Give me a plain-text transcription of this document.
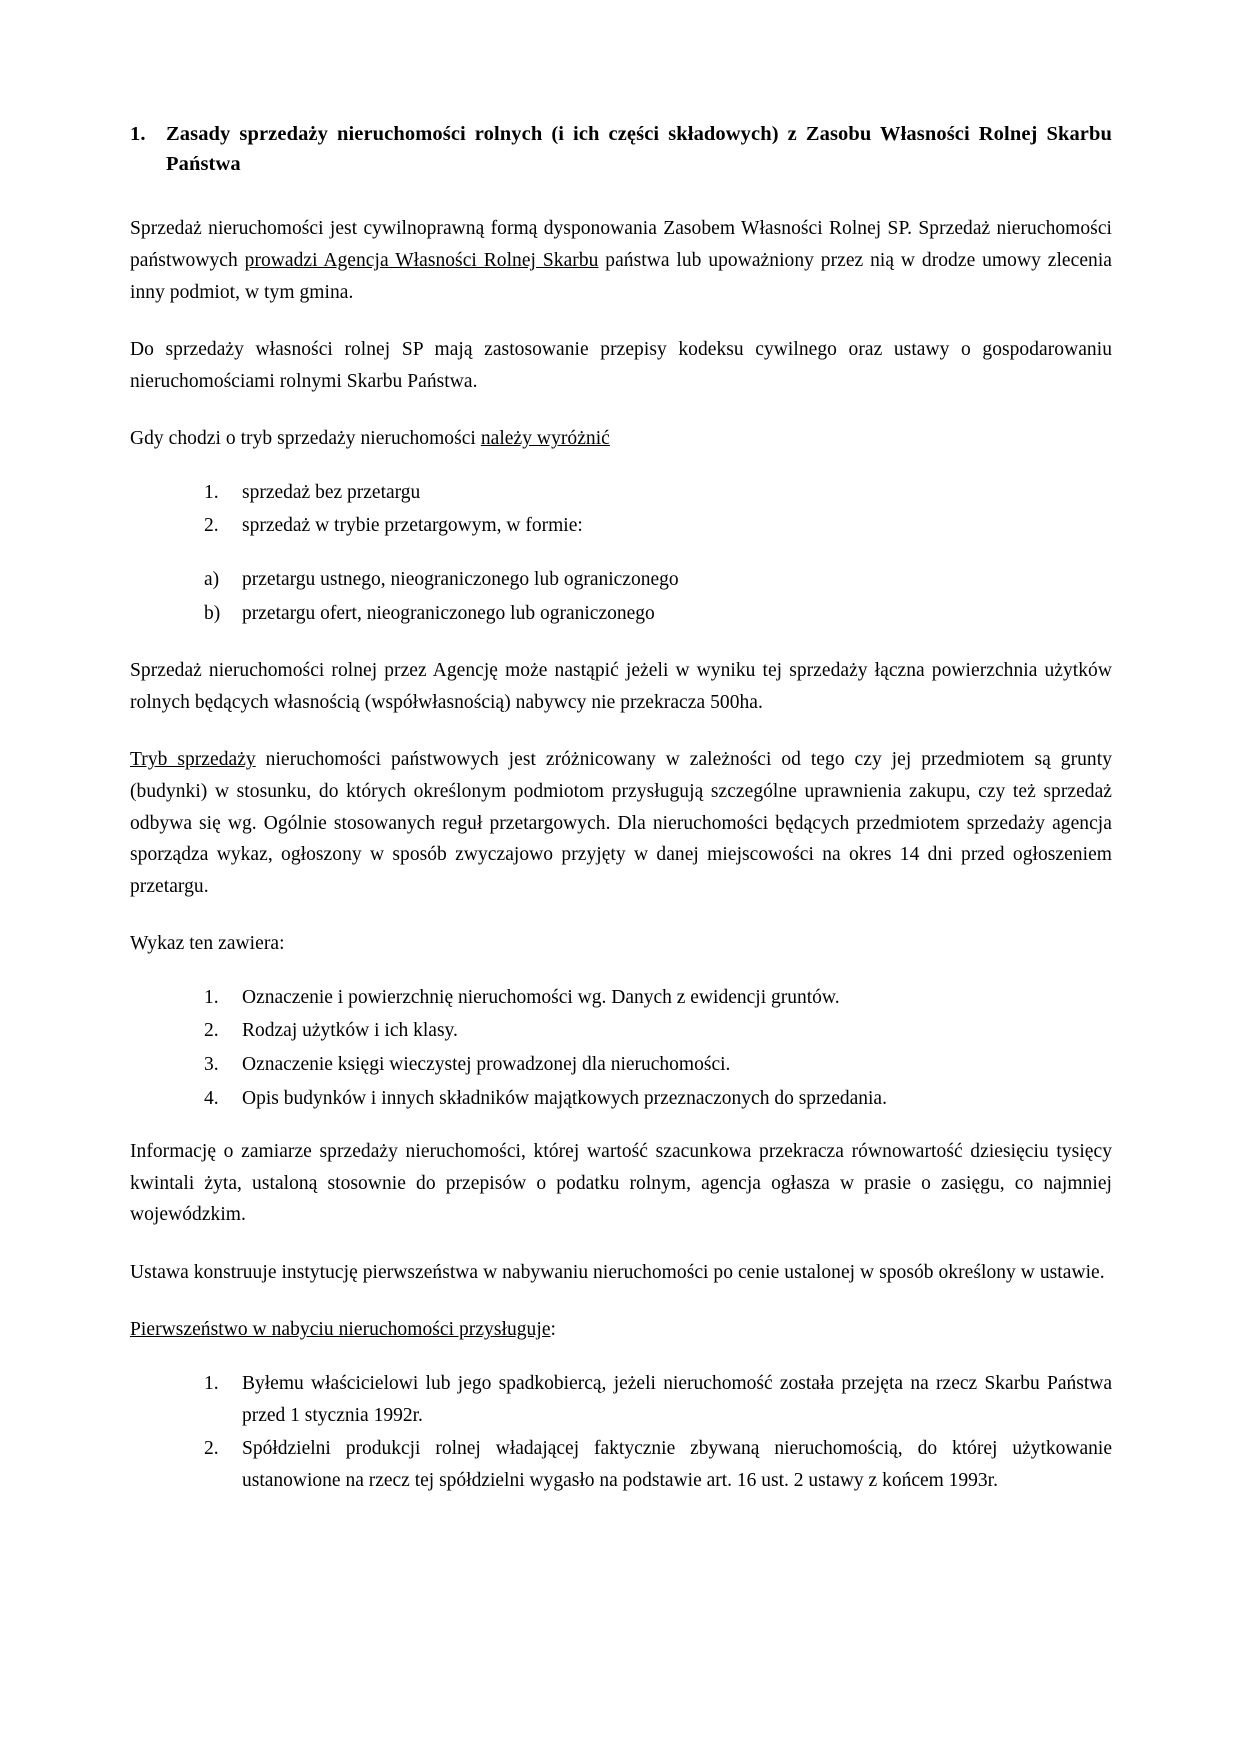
1. Zasady sprzedaży nieruchomości rolnych (i ich części składowych) z Zasobu Własności Rolnej Skarbu Państwa

Sprzedaż nieruchomości jest cywilnoprawną formą dysponowania Zasobem Własności Rolnej SP. Sprzedaż nieruchomości państwowych prowadzi Agencja Własności Rolnej Skarbu państwa lub upoważniony przez nią w drodze umowy zlecenia inny podmiot, w tym gmina.

Do sprzedaży własności rolnej SP mają zastosowanie przepisy kodeksu cywilnego oraz ustawy o gospodarowaniu nieruchomościami rolnymi Skarbu Państwa.

Gdy chodzi o tryb sprzedaży nieruchomości należy wyróżnić

sprzedaż bez przetargu
sprzedaż w trybie przetargowym, w formie:
przetargu ustnego, nieograniczonego lub ograniczonego
przetargu ofert, nieograniczonego lub ograniczonego

Sprzedaż nieruchomości rolnej przez Agencję może nastąpić jeżeli w wyniku tej sprzedaży łączna powierzchnia użytków rolnych będących własnością (współwłasnością) nabywcy nie przekracza 500ha.

Tryb sprzedaży nieruchomości państwowych jest zróżnicowany w zależności od tego czy jej przedmiotem są grunty (budynki) w stosunku, do których określonym podmiotom przysługują szczególne uprawnienia zakupu, czy też sprzedaż odbywa się wg. Ogólnie stosowanych reguł przetargowych. Dla nieruchomości będących przedmiotem sprzedaży agencja sporządza wykaz, ogłoszony w sposób zwyczajowo przyjęty w danej miejscowości na okres 14 dni przed ogłoszeniem przetargu.

Wykaz ten zawiera:

Oznaczenie i powierzchnię nieruchomości wg. Danych z ewidencji gruntów.
Rodzaj użytków i ich klasy.
Oznaczenie księgi wieczystej prowadzonej dla nieruchomości.
Opis budynków i innych składników majątkowych przeznaczonych do sprzedania.

Informację o zamiarze sprzedaży nieruchomości, której wartość szacunkowa przekracza równowartość dziesięciu tysięcy kwintali żyta, ustaloną stosownie do przepisów o podatku rolnym, agencja ogłasza w prasie o zasięgu, co najmniej wojewódzkim.

Ustawa konstruuje instytucję pierwszeństwa w nabywaniu nieruchomości po cenie ustalonej w sposób określony w ustawie.

Pierwszeństwo w nabyciu nieruchomości przysługuje:

Byłemu właścicielowi lub jego spadkobiercą, jeżeli nieruchomość została przejęta na rzecz Skarbu Państwa przed 1 stycznia 1992r.
Spółdzielni produkcji rolnej władającej faktycznie zbywaną nieruchomością, do której użytkowanie ustanowione na rzecz tej spółdzielni wygasło na podstawie art. 16 ust. 2 ustawy z końcem 1993r.
